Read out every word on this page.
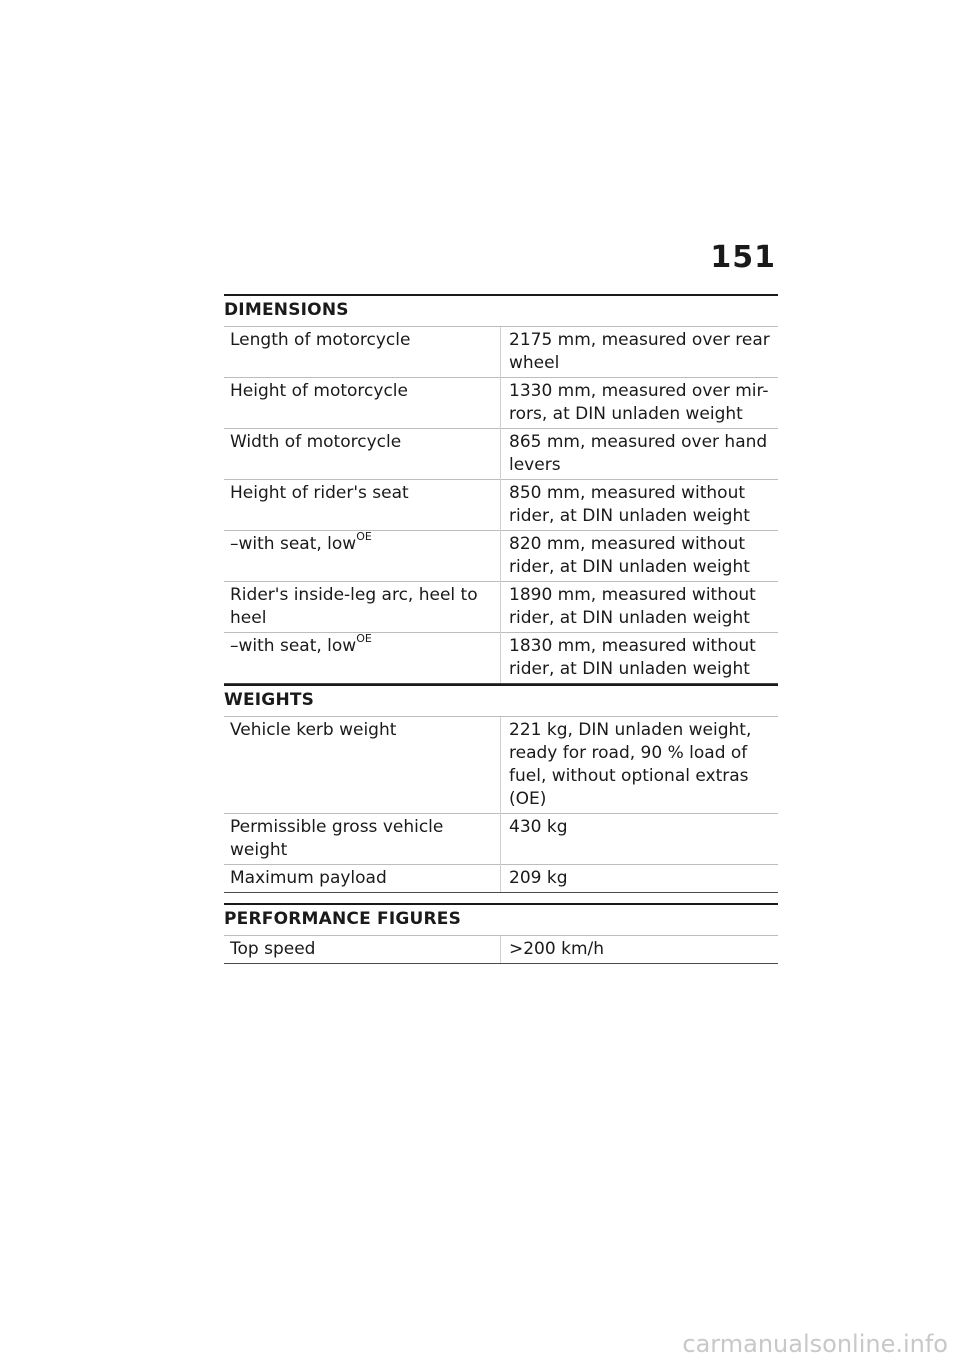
151
DIMENSIONS
Length of motorcycle	2175 mm, measured over rear wheel
Height of motorcycle	1330 mm, measured over mir-rors, at DIN unladen weight
Width of motorcycle	865 mm, measured over hand levers
Height of rider's seat	850 mm, measured without rider, at DIN unladen weight
–with seat, low$^{OE}$	820 mm, measured without rider, at DIN unladen weight
Rider's inside-leg arc, heel to heel	1890 mm, measured without rider, at DIN unladen weight
–with seat, low$^{OE}$	1830 mm, measured without rider, at DIN unladen weight
WEIGHTS
Vehicle kerb weight	221 kg, DIN unladen weight, ready for road, 90 % load of fuel, without optional extras (OE)
Permissible gross vehicle weight	430 kg
Maximum payload	209 kg
PERFORMANCE FIGURES
Top speed	>200 km/h
carmanualsonline.info
